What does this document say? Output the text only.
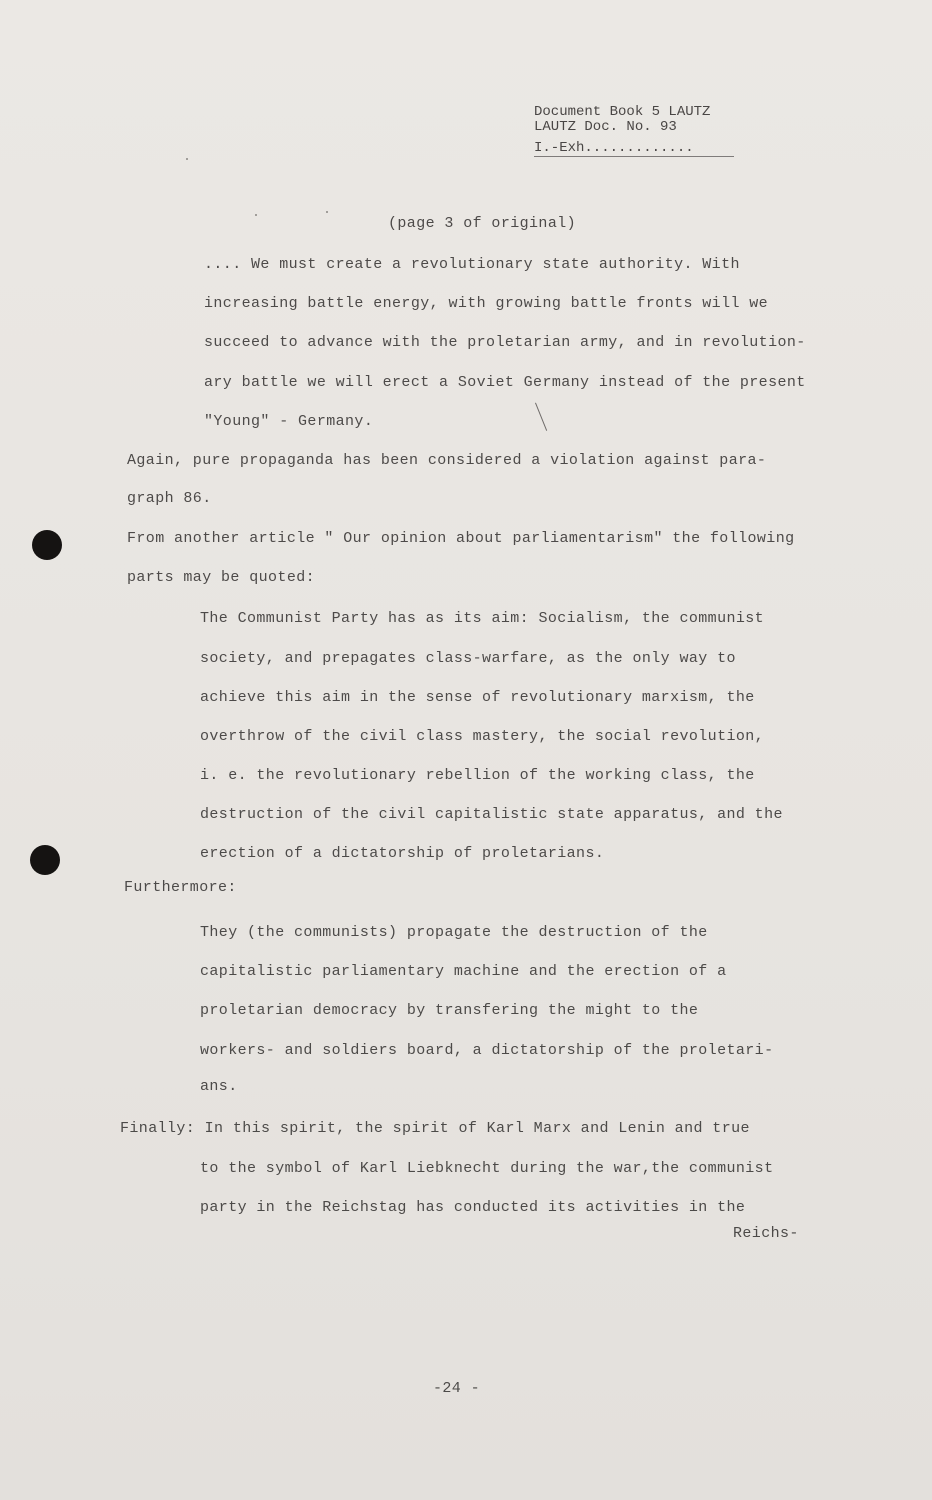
Document Book 5 LAUTZ
LAUTZ Doc. No. 93
I.-Exh.............
(page 3 of original)
.... We must create a revolutionary state authority. With
increasing battle energy, with growing battle fronts will we
succeed to advance with the proletarian army, and in revolution-
ary battle we will erect a Soviet Germany instead of the present
"Young" - Germany.
Again, pure propaganda has been considered a violation against para-
graph 86.
From another article " Our opinion about parliamentarism" the following
parts may be quoted:
The Communist Party has as its aim: Socialism, the communist
society, and prepagates class-warfare, as the only way to
achieve this aim in the sense of revolutionary marxism, the
overthrow of the civil class mastery, the social revolution,
i. e. the revolutionary rebellion of the working class, the
destruction of the civil capitalistic state apparatus, and the
erection of a dictatorship of proletarians.
Furthermore:
They (the communists) propagate the destruction of the
capitalistic parliamentary machine and the erection of a
proletarian democracy by transfering the might to the
workers- and soldiers board, a dictatorship of the proletari-
ans.
Finally: In this spirit, the spirit of Karl Marx and Lenin and true
to the symbol of Karl Liebknecht during the war,the communist
party in the Reichstag has conducted its activities in the
Reichs-
-24 -
